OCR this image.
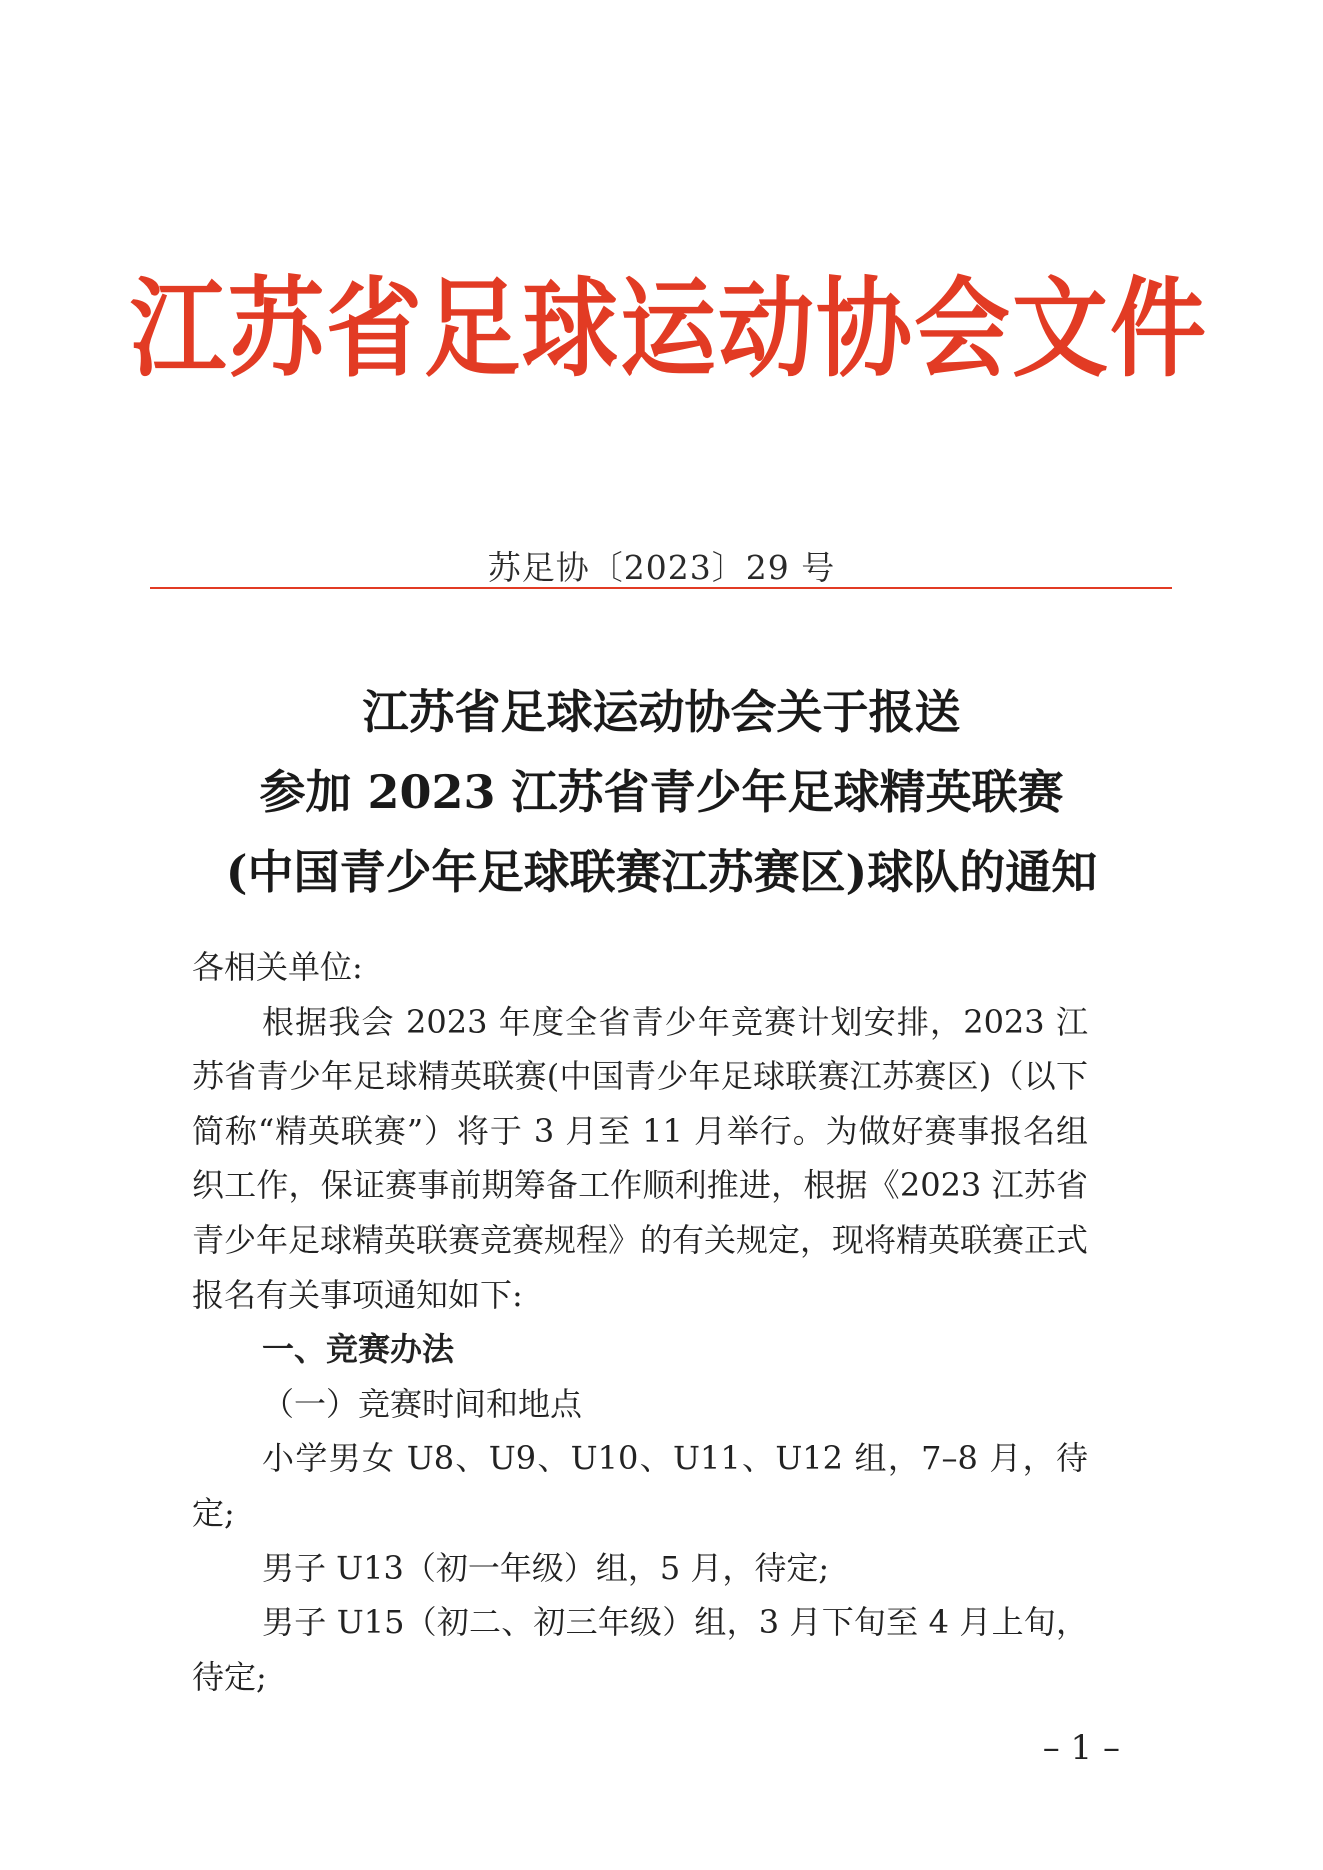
江苏省足球运动协会文件
苏足协〔2023〕29 号
江苏省足球运动协会关于报送
参加 2023 江苏省青少年足球精英联赛
(中国青少年足球联赛江苏赛区)球队的通知

各相关单位:

根据我会 2023 年度全省青少年竞赛计划安排，2023 江苏省青少年足球精英联赛(中国青少年足球联赛江苏赛区)（以下简称“精英联赛”）将于 3 月至 11 月举行。为做好赛事报名组织工作，保证赛事前期筹备工作顺利推进，根据《2023 江苏省青少年足球精英联赛竞赛规程》的有关规定，现将精英联赛正式报名有关事项通知如下:

一、竞赛办法

（一）竞赛时间和地点

小学男女 U8、U9、U10、U11、U12 组，7–8 月，待定;

男子 U13（初一年级）组，5 月，待定;

男子 U15（初二、初三年级）组，3 月下旬至 4 月上旬，待定;

– 1 –
